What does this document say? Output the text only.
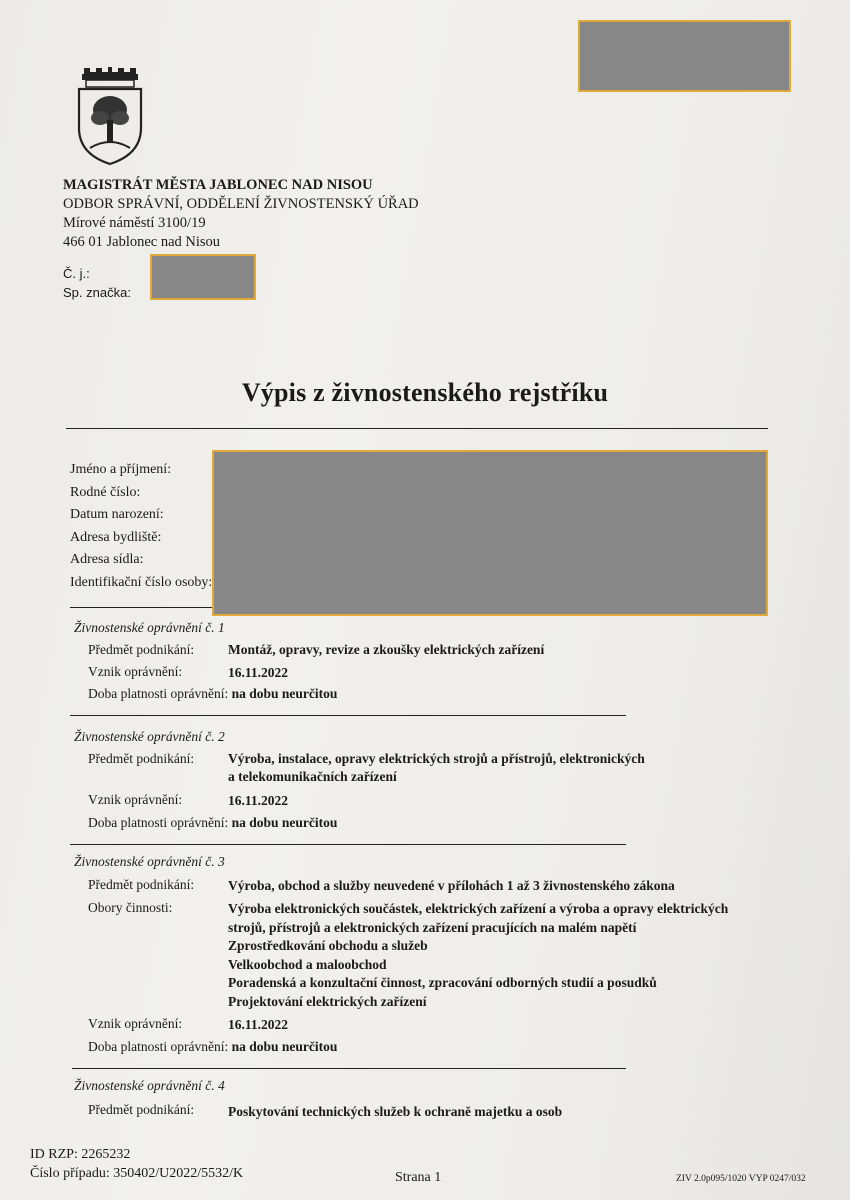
MAGISTRÁT MĚSTA JABLONEC NAD NISOU
ODBOR SPRÁVNÍ, ODDĚLENÍ ŽIVNOSTENSKÝ ÚŘAD
Mírové náměstí 3100/19
466 01 Jablonec nad Nisou
Č. j.:
Sp. značka:
Výpis z živnostenského rejstříku
Jméno a příjmení:
Rodné číslo:
Datum narození:
Adresa bydliště:
Adresa sídla:
Identifikační číslo osoby:
Živnostenské oprávnění č. 1
Předmět podnikání:	Montáž, opravy, revize a zkoušky elektrických zařízení
Vznik oprávnění:	16.11.2022
Doba platnosti oprávnění: na dobu neurčitou
Živnostenské oprávnění č. 2
Předmět podnikání:	Výroba, instalace, opravy elektrických strojů a přístrojů, elektronických
a telekomunikačních zařízení
Vznik oprávnění:	16.11.2022
Doba platnosti oprávnění: na dobu neurčitou
Živnostenské oprávnění č. 3
Předmět podnikání:	Výroba, obchod a služby neuvedené v přílohách 1 až 3 živnostenského zákona
Obory činnosti:	Výroba elektronických součástek, elektrických zařízení a výroba a opravy elektrických
strojů, přístrojů a elektronických zařízení pracujících na malém napětí
Zprostředkování obchodu a služeb
Velkoobchod a maloobchod
Poradenská a konzultační činnost, zpracování odborných studií a posudků
Projektování elektrických zařízení
Vznik oprávnění:	16.11.2022
Doba platnosti oprávnění: na dobu neurčitou
Živnostenské oprávnění č. 4
Předmět podnikání:	Poskytování technických služeb k ochraně majetku a osob
ID RZP: 2265232
Číslo případu: 350402/U2022/5532/K	Strana 1	ZIV 2.0p095/1020 VYP 0247/032
